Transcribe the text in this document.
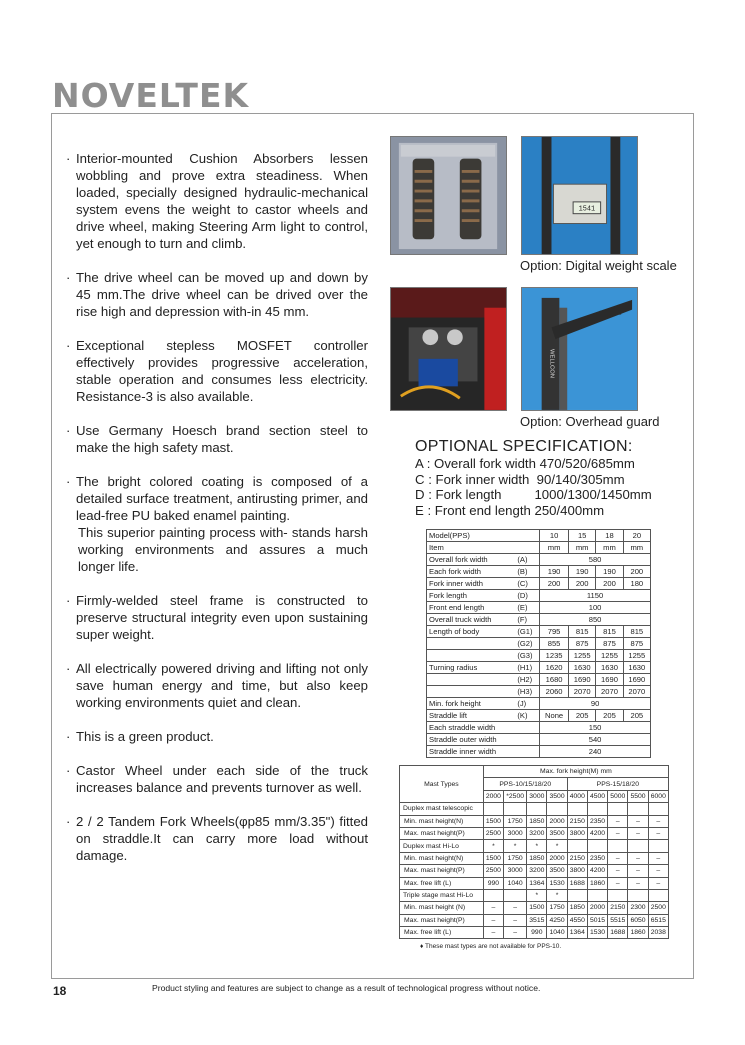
NOVELTEK
· Interior-mounted Cushion Absorbers lessen wobbling and prove extra steadiness. When loaded, specially designed hydraulic-mechanical system evens the weight to castor wheels and drive wheel, making Steering Arm light to control, yet enough to turn and climb.
· The drive wheel can be moved up and down by 45 mm.The drive wheel can be drived over the rise high and depression with-in 45 mm.
· Exceptional stepless MOSFET controller effectively provides progressive acceleration, stable operation and consumes less electricity. Resistance-3 is also available.
· Use Germany Hoesch brand section steel to make the high safety mast.
· The bright colored coating is composed of a detailed surface treatment, antirusting primer, and lead-free PU baked enamel painting.
This superior painting process with- stands harsh working environments and assures a much longer life.
· Firmly-welded steel frame is constructed to preserve structural integrity even upon sustaining super weight.
· All electrically powered driving and lifting not only save human energy and time, but also keep working environments quiet and clean.
· This is a green product.
· Castor Wheel under each side of the truck increases balance and prevents turnover as well.
· 2 / 2 Tandem Fork Wheels(φp85 mm/3.35") fitted on straddle.It can carry more load without damage.
1541
Option: Digital weight scale
WELLCON
Option: Overhead guard
OPTIONAL SPECIFICATION:
A : Overall fork width 470/520/685mm
C : Fork inner width  90/140/305mm
D : Fork length         1000/1300/1450mm
E : Front end length 250/400mm
Model(PPS)		10	15	18	20
Item		mm	mm	mm	mm
Overall fork width	(A)	580			
Each fork width	(B)	190	190	190	200
Fork inner width	(C)	200	200	200	180
Fork length	(D)	1150			
Front end length	(E)	100			
Overall truck width	(F)	850			
Length of body	(G1)	795	815	815	815
	(G2)	855	875	875	875
	(G3)	1235	1255	1255	1255
Turning radius	(H1)	1620	1630	1630	1630
	(H2)	1680	1690	1690	1690
	(H3)	2060	2070	2070	2070
Min. fork height	(J)	90			
Straddle lift	(K)	None	205	205	205
Each straddle width		150			
Straddle outer width		540			
Straddle inner width		240			
Mast Types	Max. fork height(M) mm								
	PPS-10/15/18/20				PPS-15/18/20				
	2000	*2500	3000	3500	4000	4500	5000	5500	6000
Duplex mast telescopic									
Min. mast height(N)	1500	1750	1850	2000	2150	2350	–	–	–
Max. mast height(P)	2500	3000	3200	3500	3800	4200	–	–	–
Duplex mast Hi-Lo	*	*	*	*					
Min. mast height(N)	1500	1750	1850	2000	2150	2350	–	–	–
Max. mast height(P)	2500	3000	3200	3500	3800	4200	–	–	–
Max. free lift (L)	990	1040	1364	1530	1688	1860	–	–	–
Triple stage mast Hi-Lo			*	*					
Min. mast height (N)	–	–	1500	1750	1850	2000	2150	2300	2500
Max. mast height(P)	–	–	3515	4250	4550	5015	5515	6050	6515
Max. free lift (L)	–	–	990	1040	1364	1530	1688	1860	2038
♦ These mast types are not available for PPS-10.
18	Product styling and features are subject to change as a result of technological progress without notice.
